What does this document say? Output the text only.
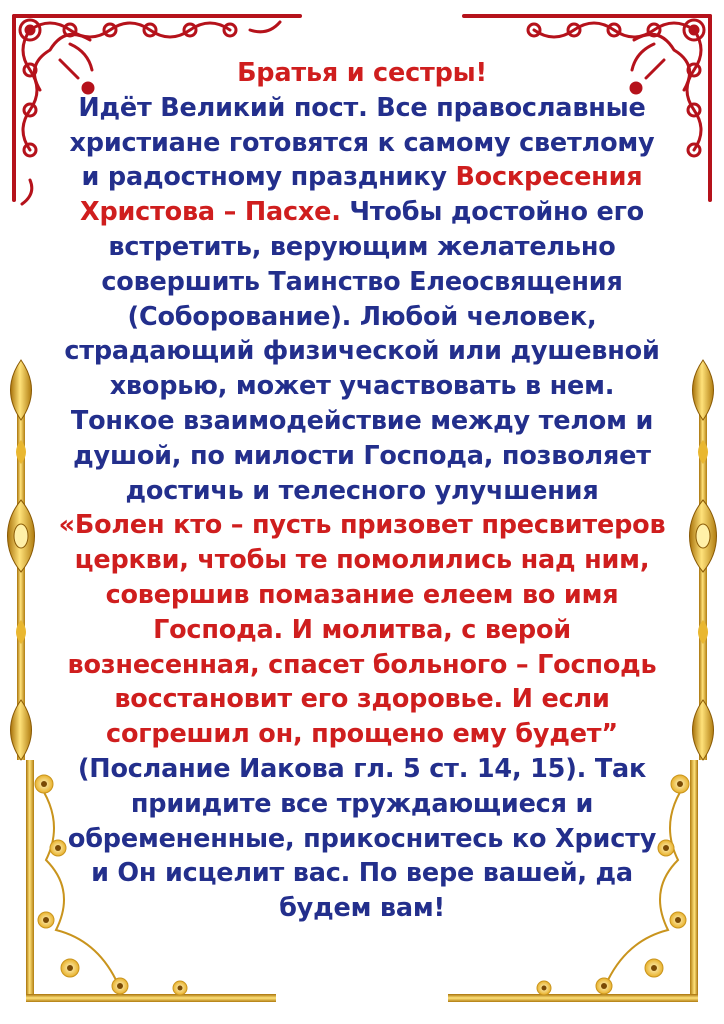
Братья и сестры!
Идёт Великий пост. Все православные христиане готовятся к самому светлому и радостному празднику Воскресения Христова – Пасхе. Чтобы достойно его встретить, верующим желательно совершить Таинство Елеосвящения (Соборование). Любой человек, страдающий физической или душевной хворью, может участвовать в нем. Тонкое взаимодействие между телом и душой, по милости Господа, позволяет достичь и телесного улучшения
«Болен кто – пусть призовет пресвитеров церкви, чтобы те помолились над ним, совершив помазание елеем во имя Господа. И молитва, с верой вознесенная, спасет больного – Господь восстановит его здоровье. И если согрешил он, прощено ему будет” (Послание Иакова гл. 5 ст. 14, 15). Так приидите все труждающиеся и обремененные, прикоснитесь ко Христу и Он исцелит вас. По вере вашей, да будем вам!
